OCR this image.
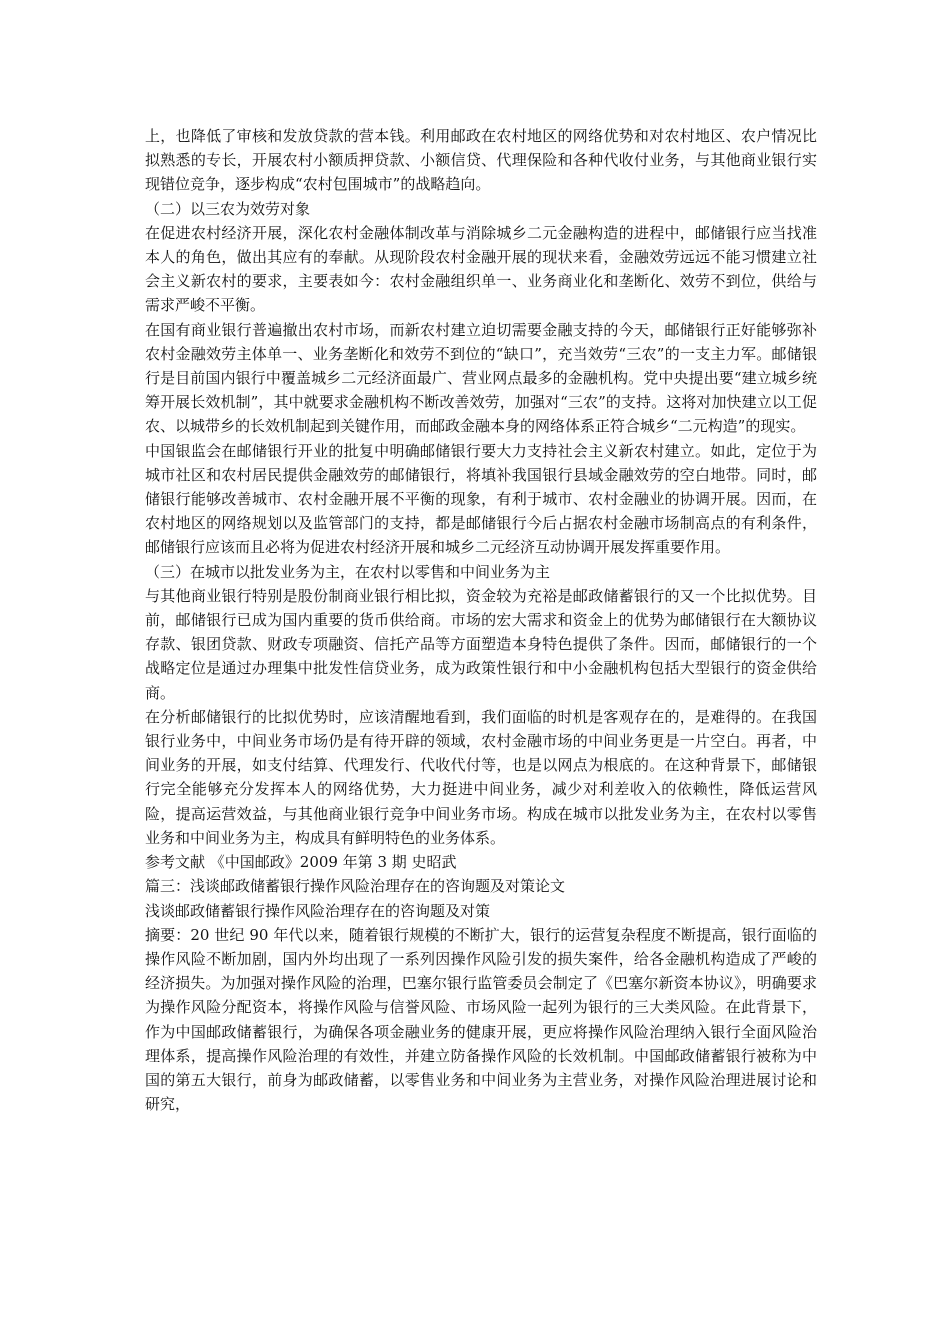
上，也降低了审核和发放贷款的营本钱。利用邮政在农村地区的网络优势和对农村地区、农户情况比拟熟悉的专长，开展农村小额质押贷款、小额信贷、代理保险和各种代收付业务，与其他商业银行实现错位竞争，逐步构成“农村包围城市”的战略趋向。

（二）以三农为效劳对象

在促进农村经济开展，深化农村金融体制改革与消除城乡二元金融构造的进程中，邮储银行应当找准本人的角色，做出其应有的奉献。从现阶段农村金融开展的现状来看，金融效劳远远不能习惯建立社会主义新农村的要求，主要表如今：农村金融组织单一、业务商业化和垄断化、效劳不到位，供给与需求严峻不平衡。

在国有商业银行普遍撤出农村市场，而新农村建立迫切需要金融支持的今天，邮储银行正好能够弥补农村金融效劳主体单一、业务垄断化和效劳不到位的“缺口”，充当效劳“三农”的一支主力军。邮储银行是目前国内银行中覆盖城乡二元经济面最广、营业网点最多的金融机构。党中央提出要“建立城乡统筹开展长效机制”，其中就要求金融机构不断改善效劳，加强对“三农”的支持。这将对加快建立以工促农、以城带乡的长效机制起到关键作用，而邮政金融本身的网络体系正符合城乡“二元构造”的现实。

中国银监会在邮储银行开业的批复中明确邮储银行要大力支持社会主义新农村建立。如此，定位于为城市社区和农村居民提供金融效劳的邮储银行，将填补我国银行县域金融效劳的空白地带。同时，邮储银行能够改善城市、农村金融开展不平衡的现象，有利于城市、农村金融业的协调开展。因而，在农村地区的网络规划以及监管部门的支持，都是邮储银行今后占据农村金融市场制高点的有利条件，邮储银行应该而且必将为促进农村经济开展和城乡二元经济互动协调开展发挥重要作用。

（三）在城市以批发业务为主，在农村以零售和中间业务为主

与其他商业银行特别是股份制商业银行相比拟，资金较为充裕是邮政储蓄银行的又一个比拟优势。目前，邮储银行已成为国内重要的货币供给商。市场的宏大需求和资金上的优势为邮储银行在大额协议存款、银团贷款、财政专项融资、信托产品等方面塑造本身特色提供了条件。因而，邮储银行的一个战略定位是通过办理集中批发性信贷业务，成为政策性银行和中小金融机构包括大型银行的资金供给商。

在分析邮储银行的比拟优势时，应该清醒地看到，我们面临的时机是客观存在的，是难得的。在我国银行业务中，中间业务市场仍是有待开辟的领域，农村金融市场的中间业务更是一片空白。再者，中间业务的开展，如支付结算、代理发行、代收代付等，也是以网点为根底的。在这种背景下，邮储银行完全能够充分发挥本人的网络优势，大力挺进中间业务，减少对利差收入的依赖性，降低运营风险，提高运营效益，与其他商业银行竞争中间业务市场。构成在城市以批发业务为主，在农村以零售业务和中间业务为主，构成具有鲜明特色的业务体系。

参考文献 《中国邮政》2009 年第 3 期 史昭武

篇三：浅谈邮政储蓄银行操作风险治理存在的咨询题及对策论文

浅谈邮政储蓄银行操作风险治理存在的咨询题及对策

摘要：20 世纪 90 年代以来，随着银行规模的不断扩大，银行的运营复杂程度不断提高，银行面临的操作风险不断加剧，国内外均出现了一系列因操作风险引发的损失案件，给各金融机构造成了严峻的经济损失。为加强对操作风险的治理，巴塞尔银行监管委员会制定了《巴塞尔新资本协议》，明确要求为操作风险分配资本，将操作风险与信誉风险、市场风险一起列为银行的三大类风险。在此背景下，作为中国邮政储蓄银行，为确保各项金融业务的健康开展，更应将操作风险治理纳入银行全面风险治理体系，提高操作风险治理的有效性，并建立防备操作风险的长效机制。中国邮政储蓄银行被称为中国的第五大银行，前身为邮政储蓄，以零售业务和中间业务为主营业务，对操作风险治理进展讨论和研究，
